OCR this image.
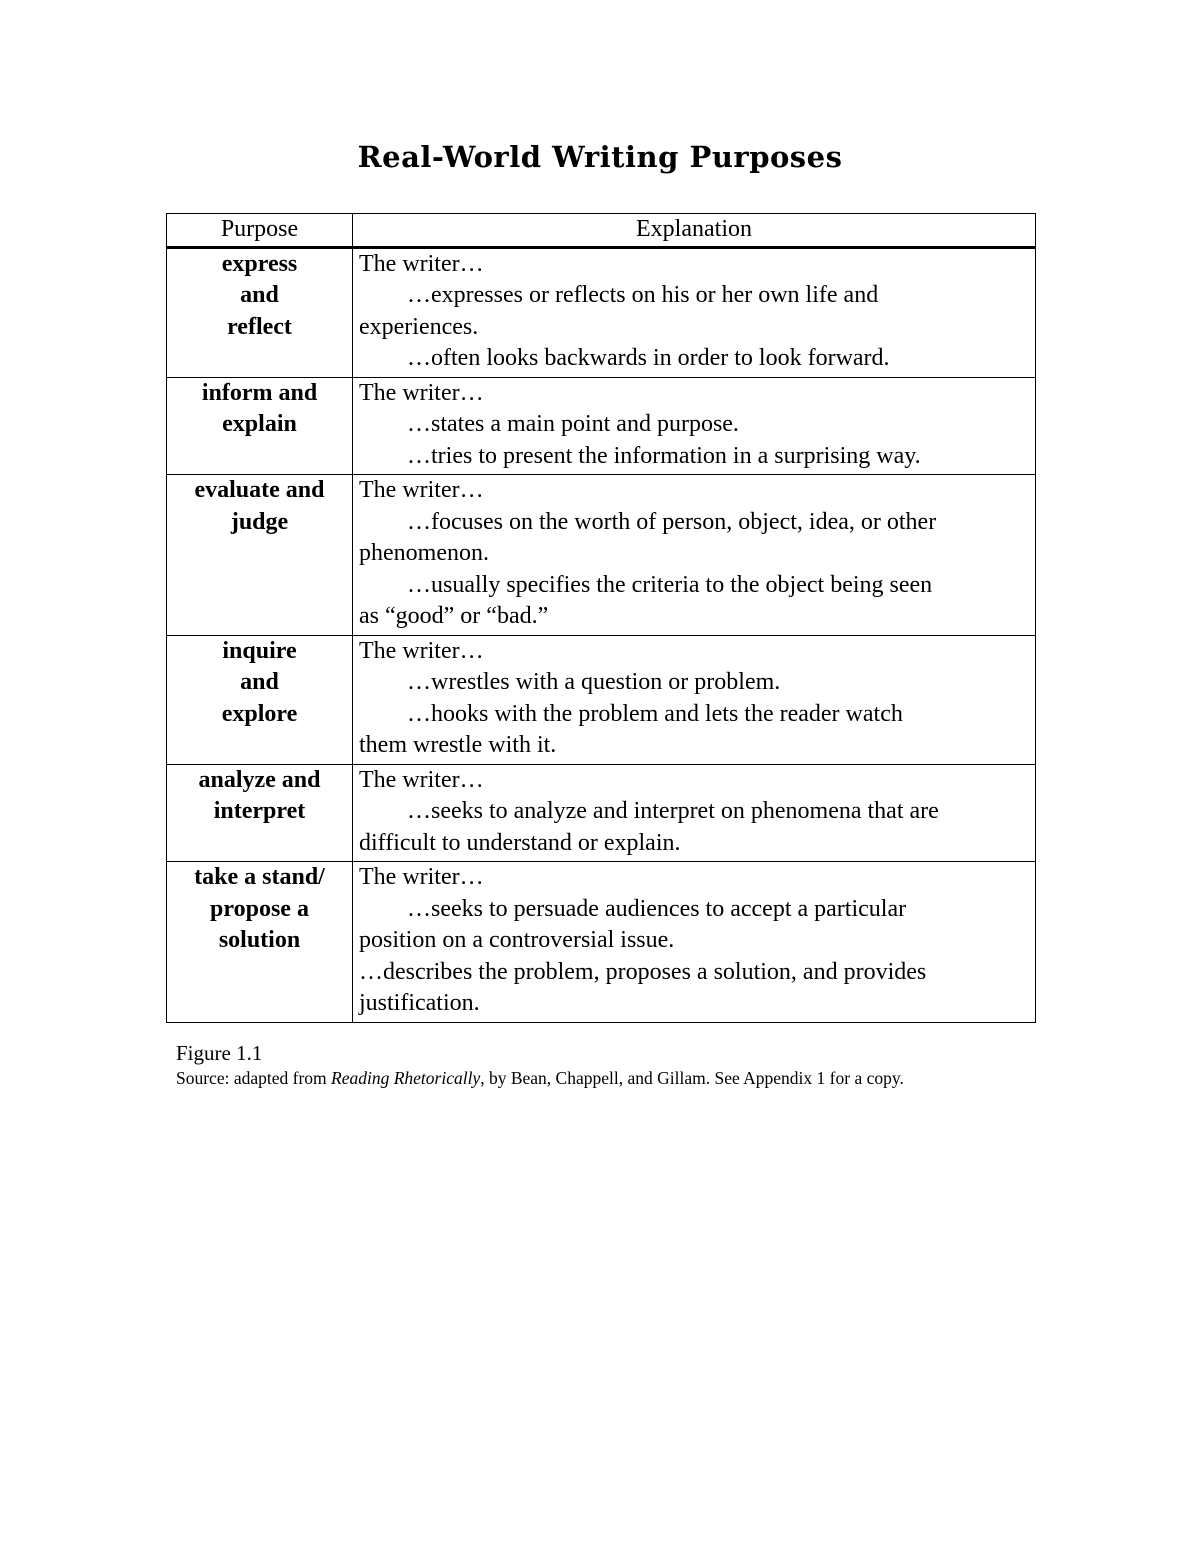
Real-World Writing Purposes
Purpose	Explanation

express
and
reflect	The writer…
…expresses or reflects on his or her own life and
experiences.
…often looks backwards in order to look forward.

inform and
explain	The writer…
…states a main point and purpose.
…tries to present the information in a surprising way.

evaluate and
judge	The writer…
…focuses on the worth of person, object, idea, or other
phenomenon.
…usually specifies the criteria to the object being seen
as “good” or “bad.”

inquire
and
explore	The writer…
…wrestles with a question or problem.
…hooks with the problem and lets the reader watch
them wrestle with it.

analyze and
interpret	The writer…
…seeks to analyze and interpret on phenomena that are
difficult to understand or explain.

take a stand/
propose a
solution	The writer…
…seeks to persuade audiences to accept a particular
position on a controversial issue.
…describes the problem, proposes a solution, and provides
justification.
Figure 1.1
Source: adapted from Reading Rhetorically, by Bean, Chappell, and Gillam. See Appendix 1 for a copy.
